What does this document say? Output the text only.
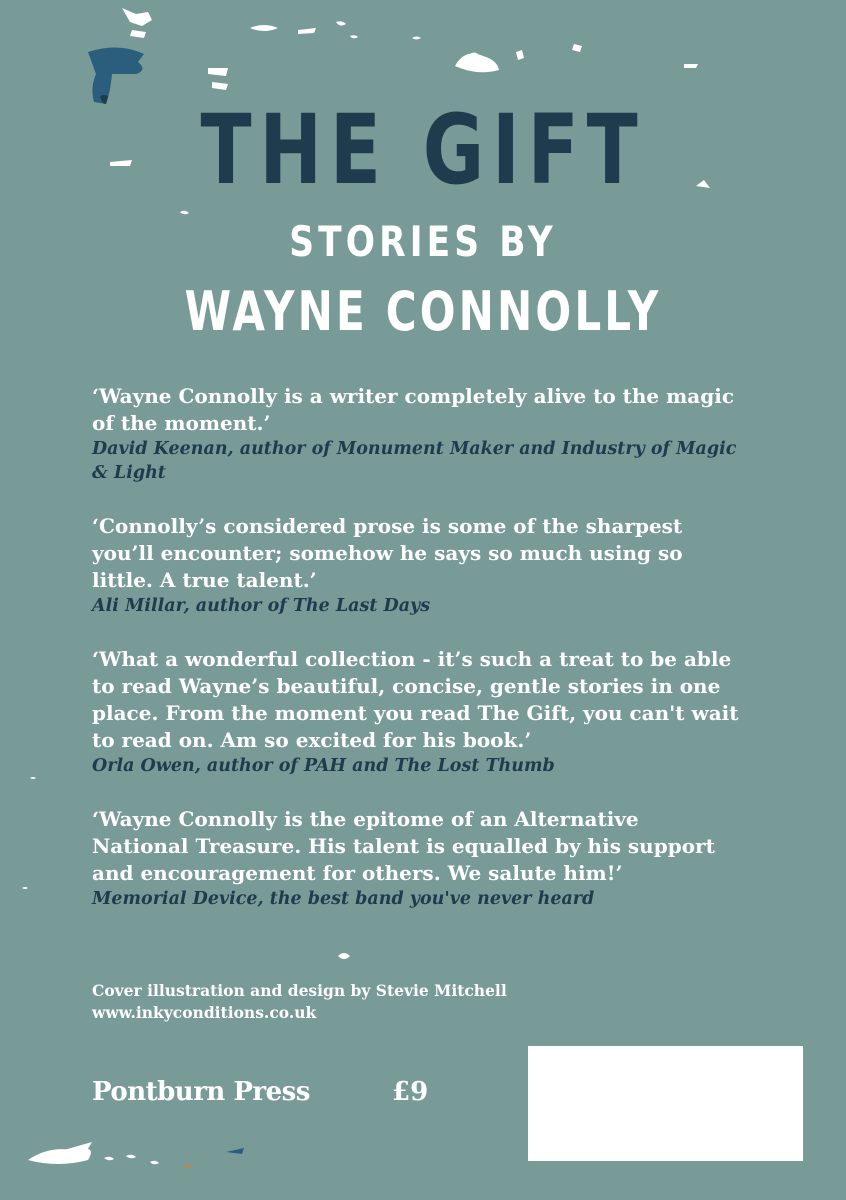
THE GIFT
STORIES BY
WAYNE CONNOLLY

‘Wayne Connolly is a writer completely alive to the magic of the moment.’

David Keenan, author of Monument Maker and Industry of Magic & Light

‘Connolly’s considered prose is some of the sharpest you’ll encounter; somehow he says so much using so little. A true talent.’

Ali Millar, author of The Last Days

‘What a wonderful collection - it’s such a treat to be able to read Wayne’s beautiful, concise, gentle stories in one place. From the moment you read The Gift, you can't wait to read on. Am so excited for his book.’

Orla Owen, author of PAH and The Lost Thumb

‘Wayne Connolly is the epitome of an Alternative National Treasure. His talent is equalled by his support and encouragement for others. We salute him!’

Memorial Device, the best band you've never heard

Cover illustration and design by Stevie Mitchell
www.inkyconditions.co.uk
Pontburn Press	£9
